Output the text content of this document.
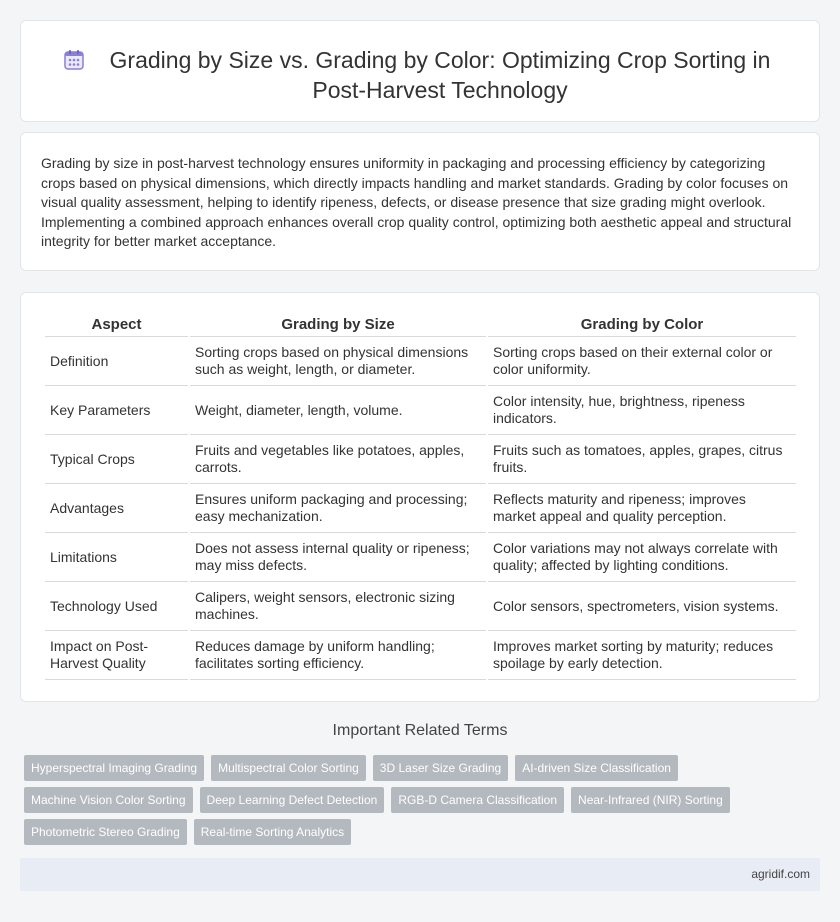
Grading by Size vs. Grading by Color: Optimizing Crop Sorting in Post-Harvest Technology

Grading by size in post-harvest technology ensures uniformity in packaging and processing efficiency by categorizing crops based on physical dimensions, which directly impacts handling and market standards. Grading by color focuses on visual quality assessment, helping to identify ripeness, defects, or disease presence that size grading might overlook. Implementing a combined approach enhances overall crop quality control, optimizing both aesthetic appeal and structural integrity for better market acceptance.

Aspect	Grading by Size	Grading by Color
Definition	Sorting crops based on physical dimensions such as weight, length, or diameter.	Sorting crops based on their external color or color uniformity.
Key Parameters	Weight, diameter, length, volume.	Color intensity, hue, brightness, ripeness indicators.
Typical Crops	Fruits and vegetables like potatoes, apples, carrots.	Fruits such as tomatoes, apples, grapes, citrus fruits.
Advantages	Ensures uniform packaging and processing; easy mechanization.	Reflects maturity and ripeness; improves market appeal and quality perception.
Limitations	Does not assess internal quality or ripeness; may miss defects.	Color variations may not always correlate with quality; affected by lighting conditions.
Technology Used	Calipers, weight sensors, electronic sizing machines.	Color sensors, spectrometers, vision systems.
Impact on Post-Harvest Quality	Reduces damage by uniform handling; facilitates sorting efficiency.	Improves market sorting by maturity; reduces spoilage by early detection.
Important Related Terms
Hyperspectral Imaging Grading	Multispectral Color Sorting	3D Laser Size Grading	AI-driven Size Classification
Machine Vision Color Sorting	Deep Learning Defect Detection	RGB-D Camera Classification	Near-Infrared (NIR) Sorting
Photometric Stereo Grading	Real-time Sorting Analytics
agridif.com
